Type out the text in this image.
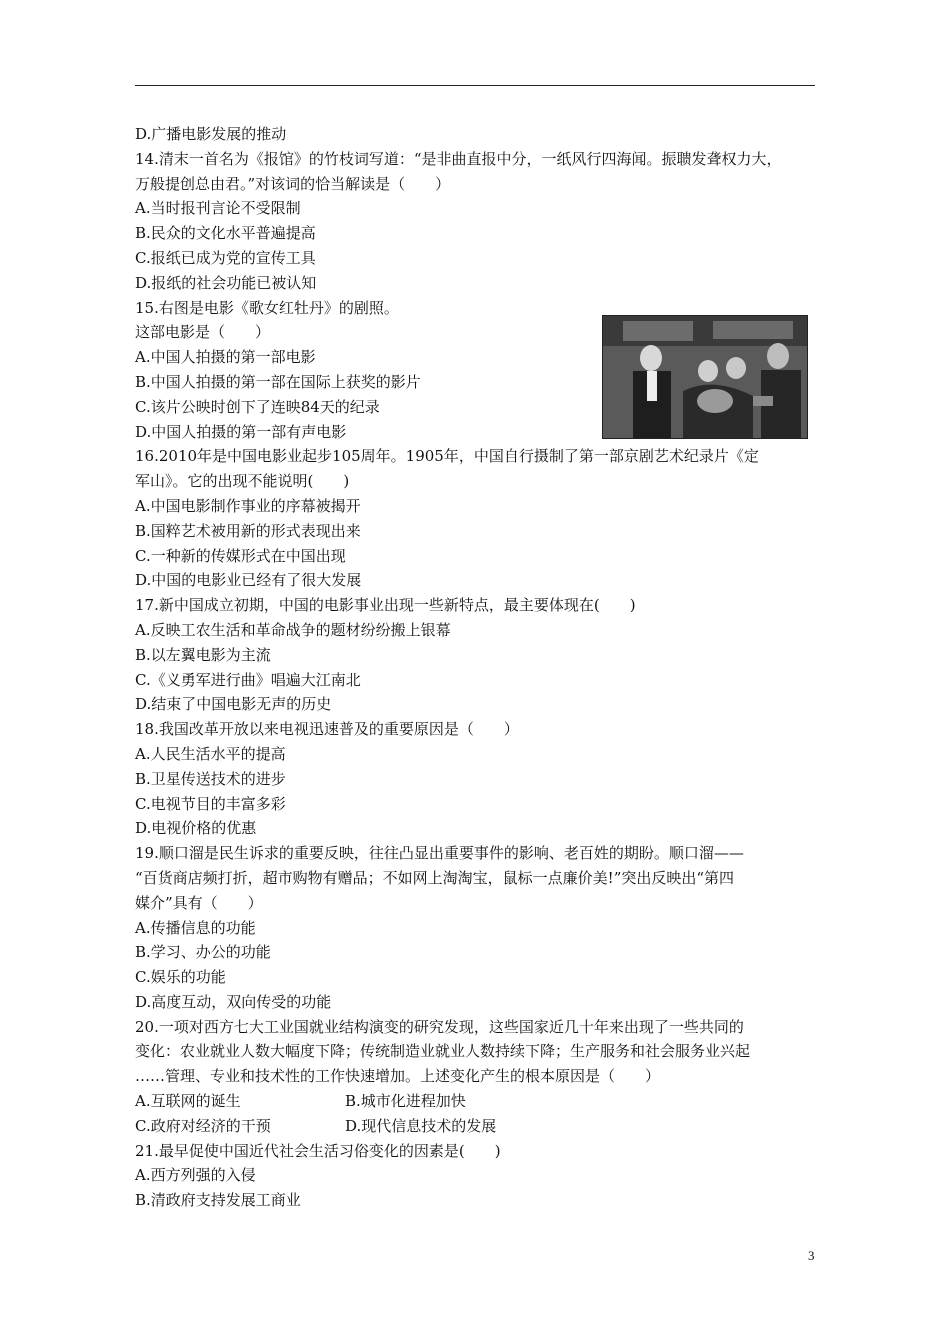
D.广播电影发展的推动
14.清末一首名为《报馆》的竹枝词写道：“是非曲直报中分，一纸风行四海闻。振聩发聋权力大，
万般提创总由君。”对该词的恰当解读是（　　）
A.当时报刊言论不受限制
B.民众的文化水平普遍提高
C.报纸已成为党的宣传工具
D.报纸的社会功能已被认知
15.右图是电影《歌女红牡丹》的剧照。
这部电影是（　　）
A.中国人拍摄的第一部电影
B.中国人拍摄的第一部在国际上获奖的影片
C.该片公映时创下了连映84天的纪录
D.中国人拍摄的第一部有声电影
16.2010年是中国电影业起步105周年。1905年，中国自行摄制了第一部京剧艺术纪录片《定
军山》。它的出现不能说明(　　)
A.中国电影制作事业的序幕被揭开
B.国粹艺术被用新的形式表现出来
C.一种新的传媒形式在中国出现
D.中国的电影业已经有了很大发展
17.新中国成立初期，中国的电影事业出现一些新特点，最主要体现在(　　)
A.反映工农生活和革命战争的题材纷纷搬上银幕
B.以左翼电影为主流
C.《义勇军进行曲》唱遍大江南北
D.结束了中国电影无声的历史
18.我国改革开放以来电视迅速普及的重要原因是（　　）
A.人民生活水平的提高
B.卫星传送技术的进步
C.电视节目的丰富多彩
D.电视价格的优惠
19.顺口溜是民生诉求的重要反映，往往凸显出重要事件的影响、老百姓的期盼。顺口溜——
“百货商店频打折，超市购物有赠品；不如网上淘淘宝，鼠标一点廉价美!”突出反映出“第四
媒介”具有（　　）
A.传播信息的功能
B.学习、办公的功能
C.娱乐的功能
D.高度互动，双向传受的功能
20.一项对西方七大工业国就业结构演变的研究发现，这些国家近几十年来出现了一些共同的
变化：农业就业人数大幅度下降；传统制造业就业人数持续下降；生产服务和社会服务业兴起
……管理、专业和技术性的工作快速增加。上述变化产生的根本原因是（　　）
A.互联网的诞生	B.城市化进程加快
C.政府对经济的干预	D.现代信息技术的发展
21.最早促使中国近代社会生活习俗变化的因素是(　　)
A.西方列强的入侵
B.清政府支持发展工商业
3
